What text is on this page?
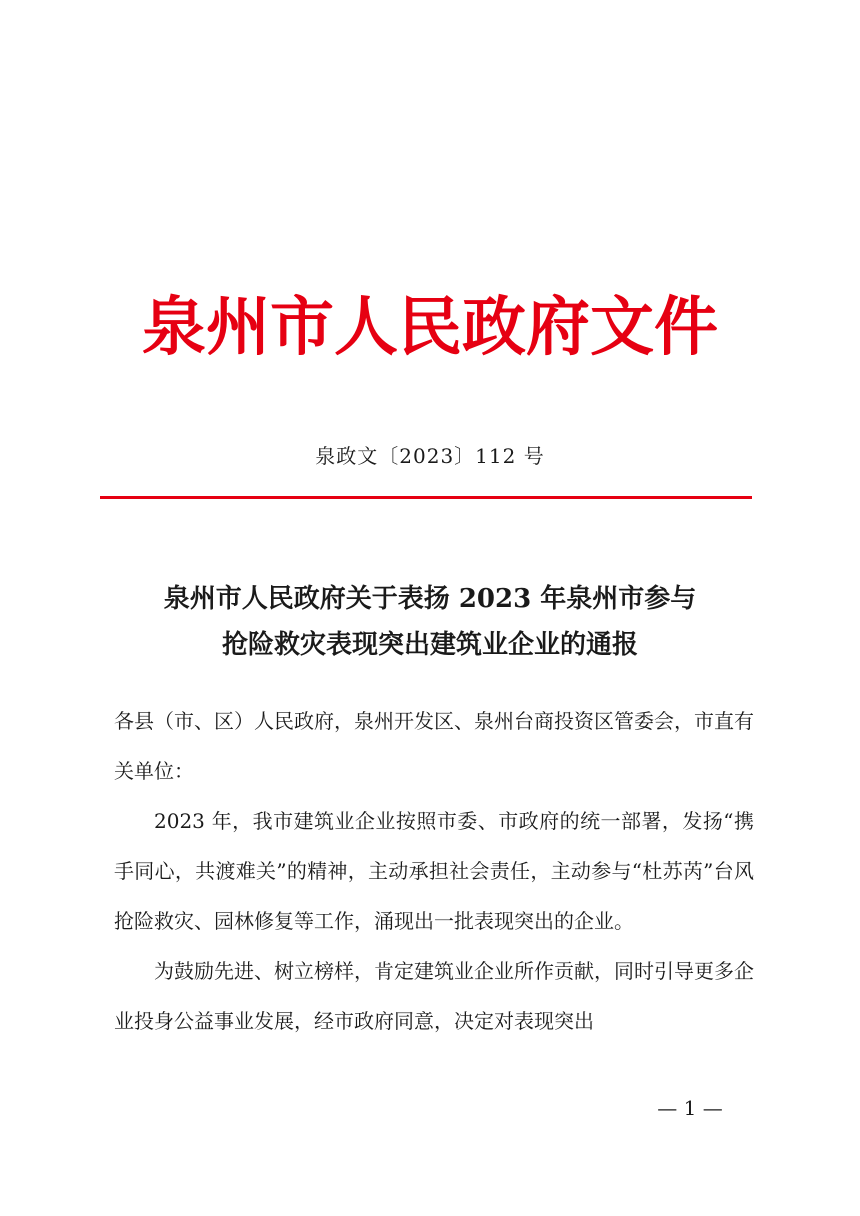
泉州市人民政府文件
泉政文〔2023〕112 号
泉州市人民政府关于表扬 2023 年泉州市参与
抢险救灾表现突出建筑业企业的通报

各县（市、区）人民政府，泉州开发区、泉州台商投资区管委会，市直有关单位：

2023 年，我市建筑业企业按照市委、市政府的统一部署，发扬“携手同心，共渡难关”的精神，主动承担社会责任，主动参与“杜苏芮”台风抢险救灾、园林修复等工作，涌现出一批表现突出的企业。

为鼓励先进、树立榜样，肯定建筑业企业所作贡献，同时引导更多企业投身公益事业发展，经市政府同意，决定对表现突出

— 1 —
